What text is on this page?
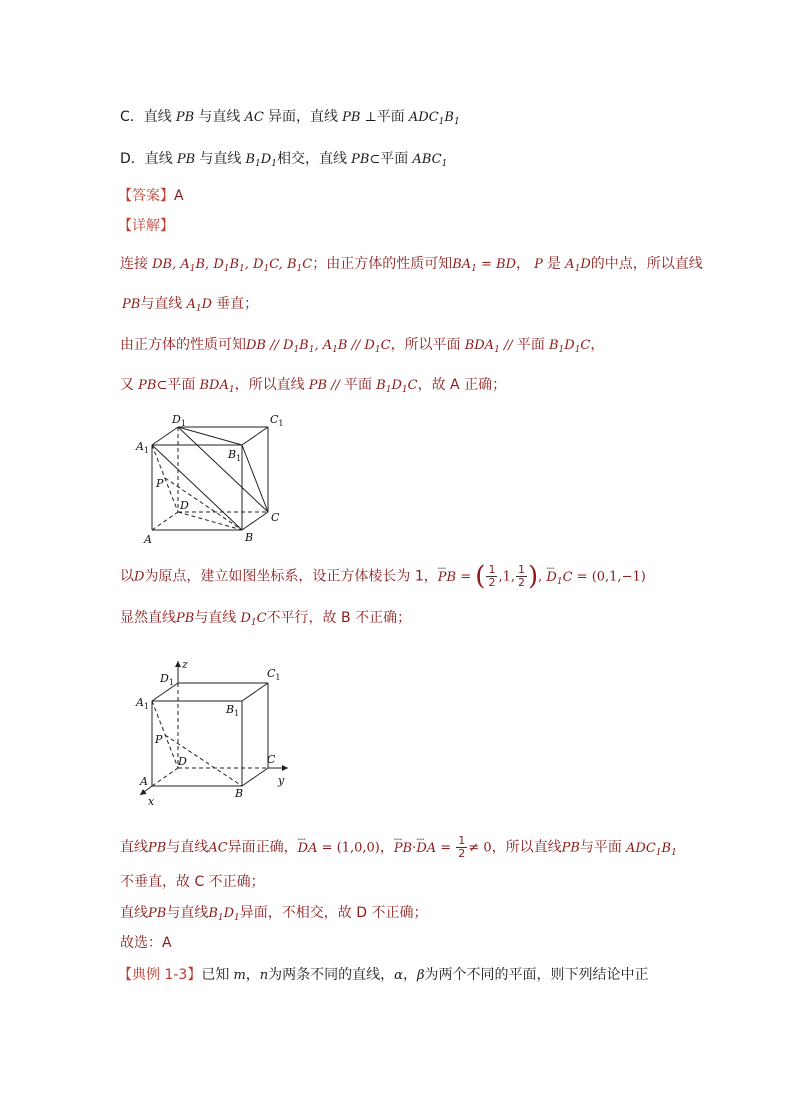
C．直线 PB 与直线 AC 异面，直线 PB ⊥平面 $ADC_1B_1$
D．直线 PB 与直线 $B_1D_1$相交，直线 PB⊂平面 $ABC_1$
【答案】A
【详解】
连接 DB, $A_1B$, $D_1B_1$, $D_1C$, $B_1C$；由正方体的性质可知$BA_1$ = BD， P 是 $A_1D$的中点，所以直线
PB与直线 $A_1D$ 垂直；
由正方体的性质可知DB // $D_1B_1$, $A_1B // D_1C$，所以平面 $BDA_1$ // 平面 $B_1D_1C$，
又 PB⊂平面 $BDA_1$，所以直线 PB // 平面 $B_1D_1C$，故 A 正确；
$A_1$
$D_1$	$C_1$
$B_1$
P
D
C
A	B
以D为原点，建立如图坐标系，设正方体棱长为 1，←→ PB = ( $\frac{1}{2} ,1$, $\frac{1}{2}$ ), ←→ $D_1C = (0,1,-1)$
显然直线PB与直线 $D_1C$不平行，故 B 不正确；
z
$A_1$
$D_1$
$C_1$
$B_1$
P
D	C
y
A
B
x
直线PB与直线AC异面正确，←→ DA = (1,0,0)，←→ PB·←→ DA = $\frac{1}{2} \ne 0$，所以直线PB与平面 $ADC_1B_1$
不垂直，故 C 不正确；
直线PB与直线$B_1D_1$异面，不相交，故 D 不正确；
故选：A
【典例 1-3】已知 m，n为两条不同的直线，α，β为两个不同的平面，则下列结论中正
